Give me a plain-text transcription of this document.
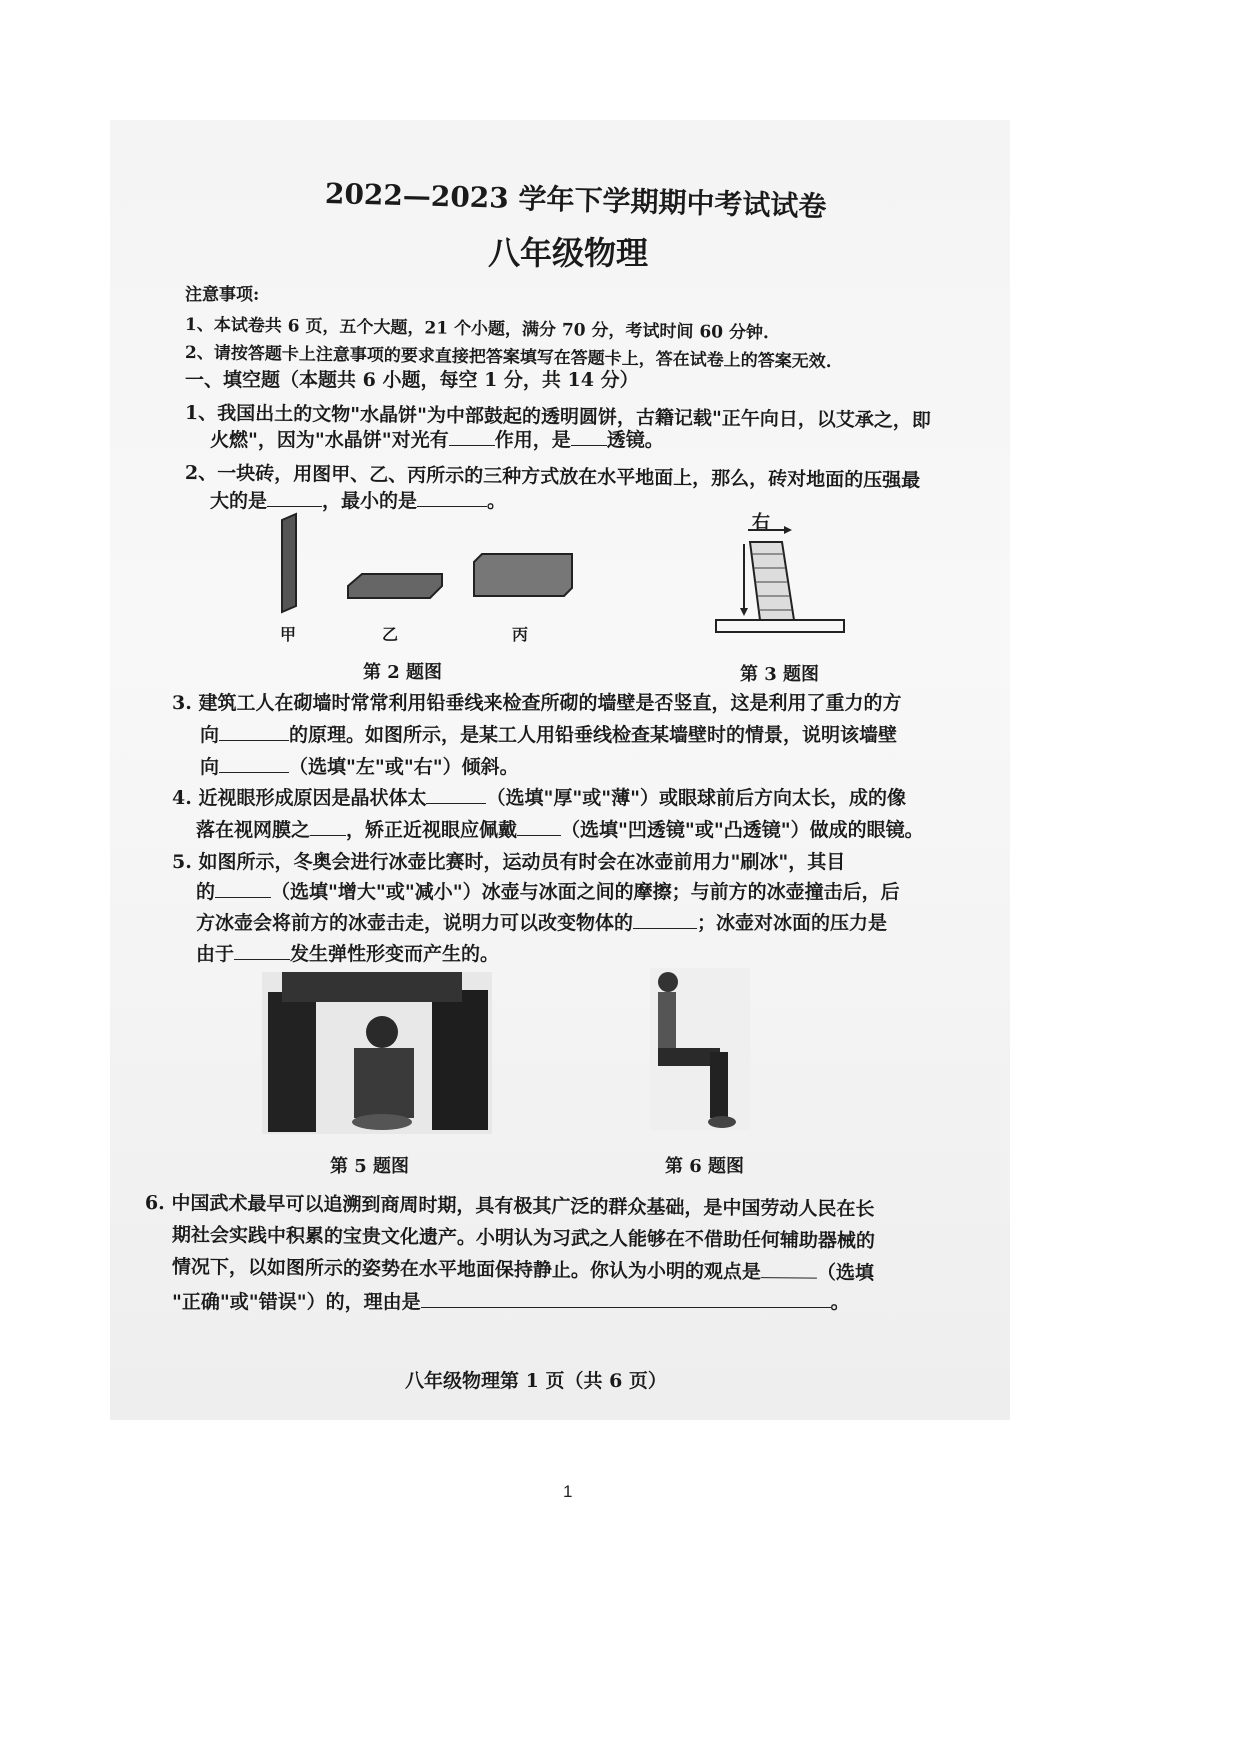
2022—2023 学年下学期期中考试试卷
八年级物理
注意事项:
1、本试卷共 6 页，五个大题，21 个小题，满分 70 分，考试时间 60 分钟.
2、请按答题卡上注意事项的要求直接把答案填写在答题卡上，答在试卷上的答案无效.
一、填空题（本题共 6 小题，每空 1 分，共 14 分）
1、我国出土的文物"水晶饼"为中部鼓起的透明圆饼，古籍记载"正午向日，以艾承之，即
火燃"，因为"水晶饼"对光有 作用，是 透镜。
2、一块砖，用图甲、乙、丙所示的三种方式放在水平地面上，那么，砖对地面的压强最
大的是	，最小的是	。
甲	乙	丙
第 2 题图
右
第 3 题图
3. 建筑工人在砌墙时常常利用铅垂线来检查所砌的墙壁是否竖直，这是利用了重力的方
向	的原理。如图所示，是某工人用铅垂线检查某墙壁时的情景，说明该墙壁
向	（选填"左"或"右"）倾斜。
4. 近视眼形成原因是晶状体太	（选填"厚"或"薄"）或眼球前后方向太长，成的像
落在视网膜之 ，矫正近视眼应佩戴 （选填"凹透镜"或"凸透镜"）做成的眼镜。
5. 如图所示，冬奥会进行冰壶比赛时，运动员有时会在冰壶前用力"刷冰"，其目
的	（选填"增大"或"减小"）冰壶与冰面之间的摩擦；与前方的冰壶撞击后，后
方冰壶会将前方的冰壶击走，说明力可以改变物体的	；冰壶对冰面的压力是
由于	发生弹性形变而产生的。
第 5 题图	第 6 题图
6. 中国武术最早可以追溯到商周时期，具有极其广泛的群众基础，是中国劳动人民在长
期社会实践中积累的宝贵文化遗产。小明认为习武之人能够在不借助任何辅助器械的
情况下，以如图所示的姿势在水平地面保持静止。你认为小明的观点是	（选填
"正确"或"错误"）的，理由是	。
八年级物理第 1 页（共 6 页）
1
